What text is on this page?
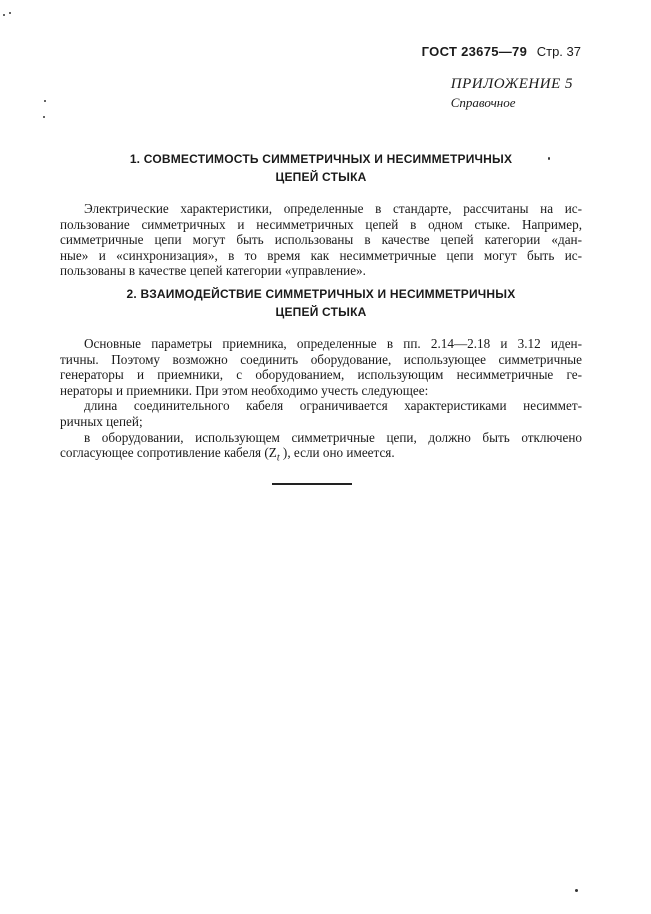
ГОСТ 23675—79 Стр. 37
ПРИЛОЖЕНИЕ 5
Справочное
1. СОВМЕСТИМОСТЬ СИММЕТРИЧНЫХ И НЕСИММЕТРИЧНЫХ
ЦЕПЕЙ СТЫКА
Электрические характеристики, определенные в стандарте, рассчитаны на ис-
пользование симметричных и несимметричных цепей в одном стыке. Например,
симметричные цепи могут быть использованы в качестве цепей категории «дан-
ные» и «синхронизация», в то время как несимметричные цепи могут быть ис-
пользованы в качестве цепей категории «управление».
2. ВЗАИМОДЕЙСТВИЕ СИММЕТРИЧНЫХ И НЕСИММЕТРИЧНЫХ
ЦЕПЕЙ СТЫКА
Основные параметры приемника, определенные в пп. 2.14—2.18 и 3.12 иден-
тичны. Поэтому возможно соединить оборудование, использующее симметричные
генераторы и приемники, с оборудованием, использующим несимметричные ге-
нераторы и приемники. При этом необходимо учесть следующее:
длина соединительного кабеля ограничивается характеристиками несиммет-
ричных цепей;
в оборудовании, использующем симметричные цепи, должно быть отключено
согласующее сопротивление кабеля ($Z_t$ ), если оно имеется.
